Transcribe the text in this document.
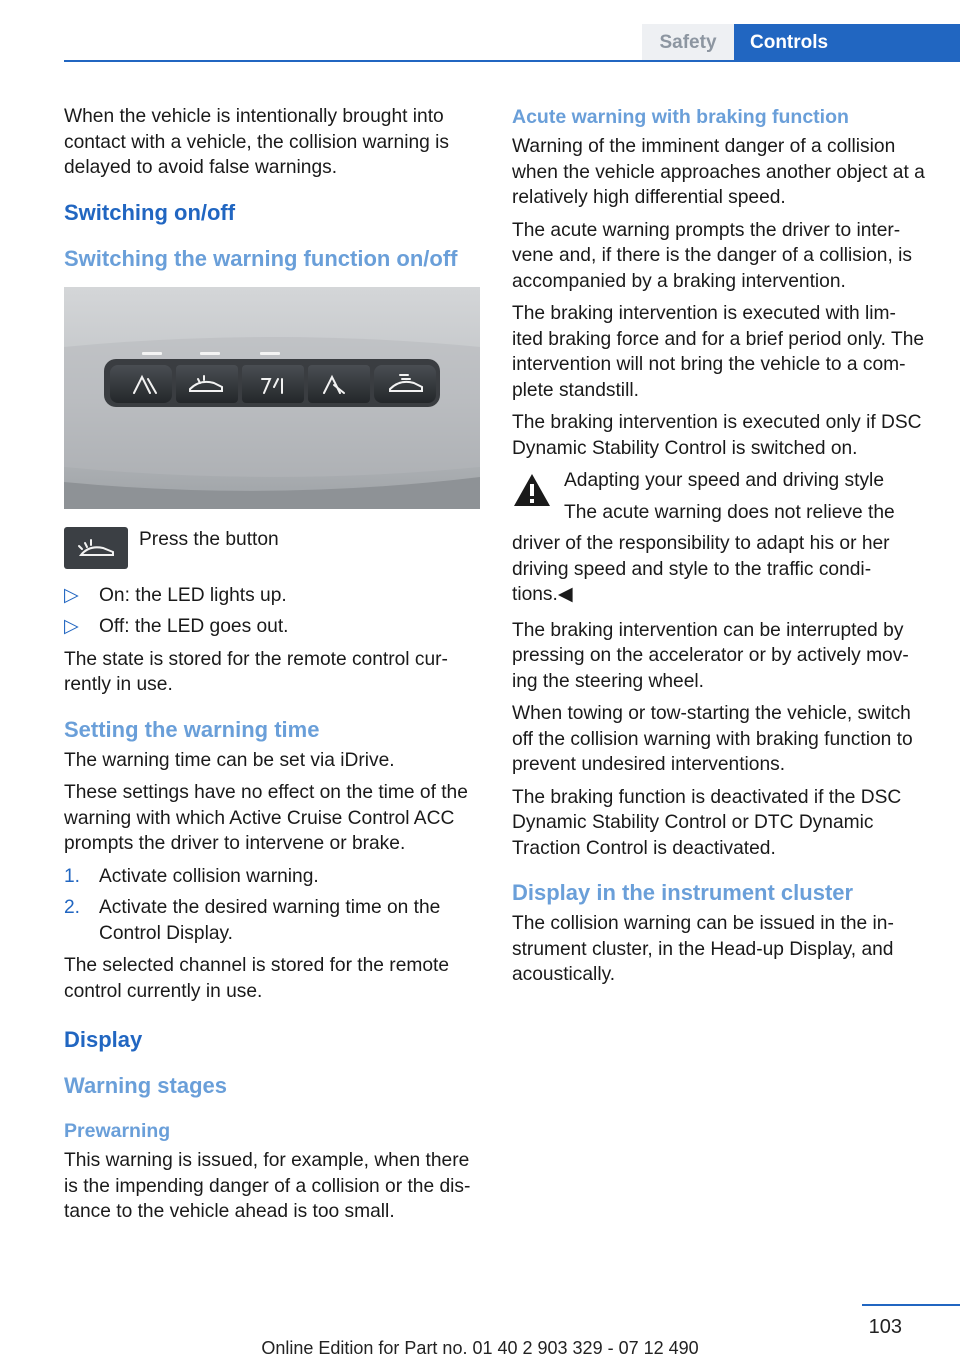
Safety	Controls

When the vehicle is intentionally brought into contact with a vehicle, the collision warning is delayed to avoid false warnings.

Switching on/off
Switching the warning function on/off

Press the button

▷ On: the LED lights up.
▷ Off: the LED goes out.

The state is stored for the remote control cur‐ rently in use.

Setting the warning time

The warning time can be set via iDrive.

These settings have no effect on the time of the warning with which Active Cruise Control ACC prompts the driver to intervene or brake.

1. Activate collision warning.
2. Activate the desired warning time on the Control Display.

The selected channel is stored for the remote control currently in use.

Display
Warning stages
Prewarning

This warning is issued, for example, when there is the impending danger of a collision or the dis‐ tance to the vehicle ahead is too small.

Acute warning with braking function

Warning of the imminent danger of a collision when the vehicle approaches another object at a relatively high differential speed.

The acute warning prompts the driver to inter‐ vene and, if there is the danger of a collision, is accompanied by a braking intervention.

The braking intervention is executed with lim‐ ited braking force and for a brief period only. The intervention will not bring the vehicle to a com‐ plete standstill.

The braking intervention is executed only if DSC Dynamic Stability Control is switched on.

Adapting your speed and driving style

The acute warning does not relieve the

driver of the responsibility to adapt his or her driving speed and style to the traffic condi‐ tions.◀

The braking intervention can be interrupted by pressing on the accelerator or by actively mov‐ ing the steering wheel.

When towing or tow-starting the vehicle, switch off the collision warning with braking function to prevent undesired interventions.

The braking function is deactivated if the DSC Dynamic Stability Control or DTC Dynamic Traction Control is deactivated.

Display in the instrument cluster

The collision warning can be issued in the in‐ strument cluster, in the Head-up Display, and acoustically.

103
Online Edition for Part no. 01 40 2 903 329 - 07 12 490
